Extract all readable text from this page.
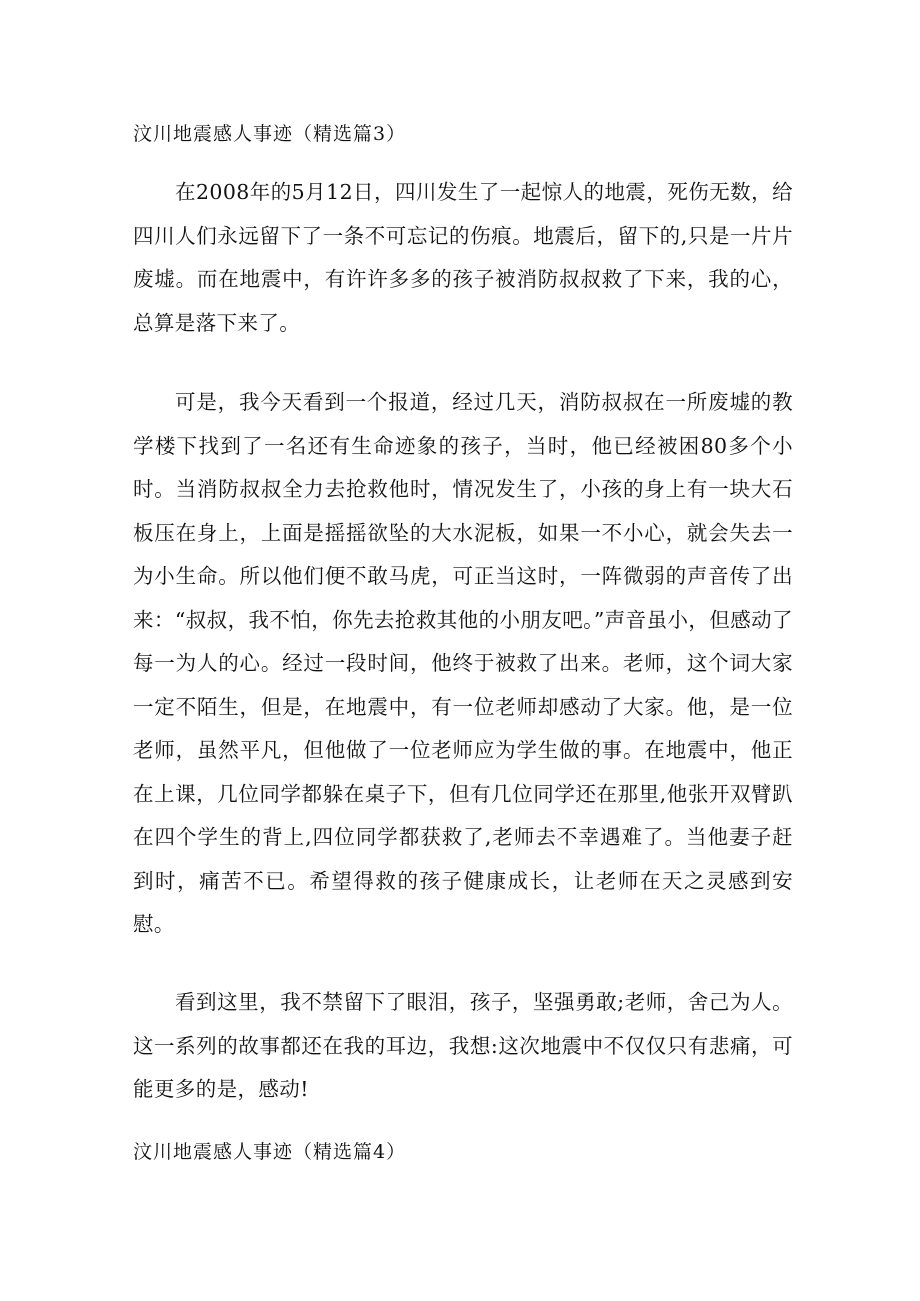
汶川地震感人事迹（精选篇3）

在2008年的5月12日，四川发生了一起惊人的地震，死伤无数，给四川人们永远留下了一条不可忘记的伤痕。地震后，留下的,只是一片片废墟。而在地震中，有许许多多的孩子被消防叔叔救了下来，我的心，总算是落下来了。

可是，我今天看到一个报道，经过几天，消防叔叔在一所废墟的教学楼下找到了一名还有生命迹象的孩子，当时，他已经被困80多个小时。当消防叔叔全力去抢救他时，情况发生了，小孩的身上有一块大石板压在身上，上面是摇摇欲坠的大水泥板，如果一不小心，就会失去一为小生命。所以他们便不敢马虎，可正当这时，一阵微弱的声音传了出来：“叔叔，我不怕，你先去抢救其他的小朋友吧。”声音虽小，但感动了每一为人的心。经过一段时间，他终于被救了出来。老师，这个词大家一定不陌生，但是，在地震中，有一位老师却感动了大家。他，是一位老师，虽然平凡，但他做了一位老师应为学生做的事。在地震中，他正在上课，几位同学都躲在桌子下，但有几位同学还在那里,他张开双臂趴在四个学生的背上,四位同学都获救了,老师去不幸遇难了。当他妻子赶到时，痛苦不已。希望得救的孩子健康成长，让老师在天之灵感到安慰。

看到这里，我不禁留下了眼泪，孩子，坚强勇敢;老师，舍己为人。这一系列的故事都还在我的耳边，我想:这次地震中不仅仅只有悲痛，可能更多的是，感动!

汶川地震感人事迹（精选篇4）
